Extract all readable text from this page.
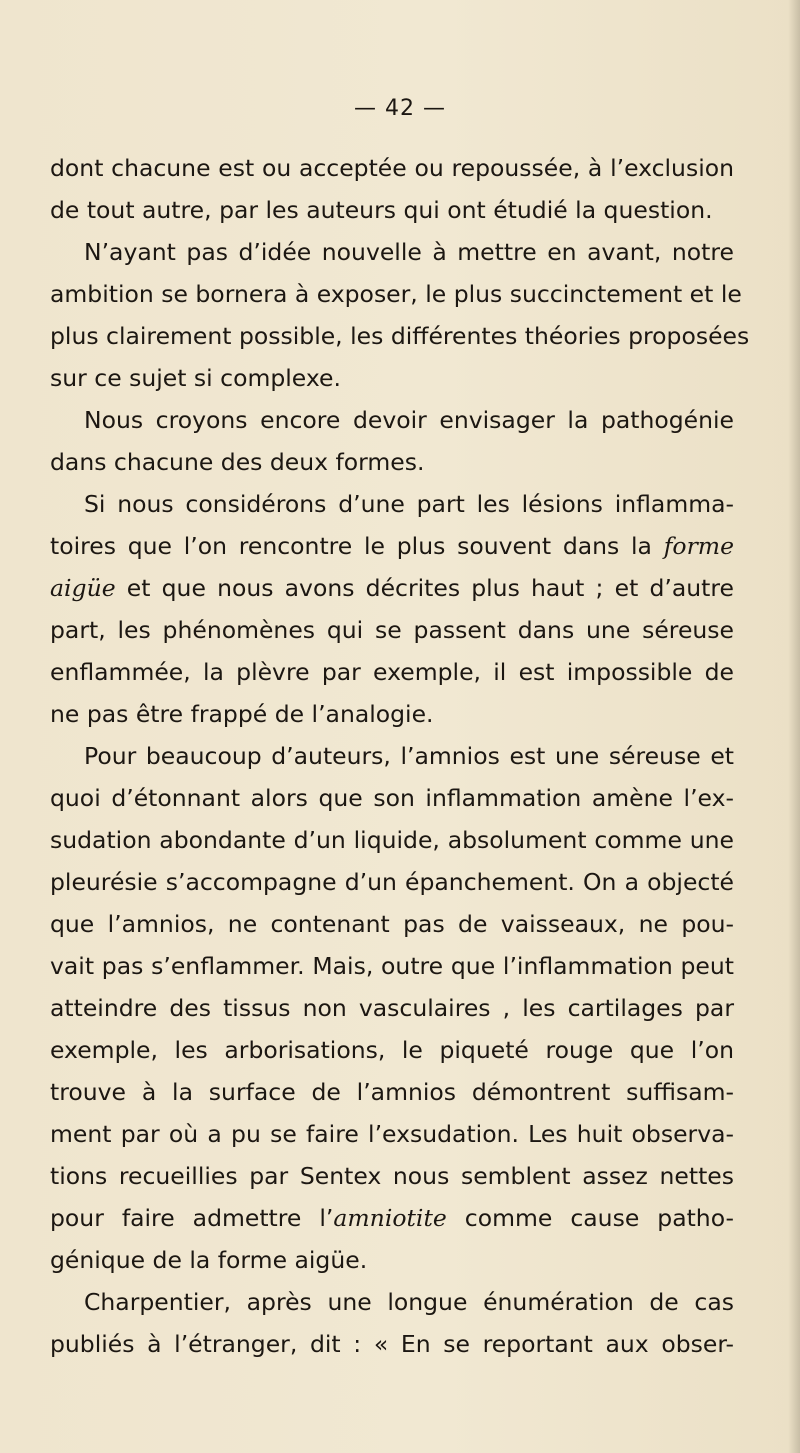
— 42 —
dont chacune est ou acceptée ou repoussée, à l’exclusion
de tout autre, par les auteurs qui ont étudié la question.
N’ayant pas d’idée nouvelle à mettre en avant, notre
ambition se bornera à exposer, le plus succinctement et le
plus clairement possible, les différentes théories proposées
sur ce sujet si complexe.
Nous croyons encore devoir envisager la pathogénie
dans chacune des deux formes.
Si nous considérons d’une part les lésions inflamma-
toires que l’on rencontre le plus souvent dans la forme
aigüe et que nous avons décrites plus haut ; et d’autre
part, les phénomènes qui se passent dans une séreuse
enflammée, la plèvre par exemple, il est impossible de
ne pas être frappé de l’analogie.
Pour beaucoup d’auteurs, l’amnios est une séreuse et
quoi d’étonnant alors que son inflammation amène l’ex-
sudation abondante d’un liquide, absolument comme une
pleurésie s’accompagne d’un épanchement. On a objecté
que l’amnios, ne contenant pas de vaisseaux, ne pou-
vait pas s’enflammer. Mais, outre que l’inflammation peut
atteindre des tissus non vasculaires , les cartilages par
exemple, les arborisations, le piqueté rouge que l’on
trouve à la surface de l’amnios démontrent suffisam-
ment par où a pu se faire l’exsudation. Les huit observa-
tions recueillies par Sentex nous semblent assez nettes
pour faire admettre l’amniotite comme cause patho-
génique de la forme aigüe.
Charpentier, après une longue énumération de cas
publiés à l’étranger, dit : « En se reportant aux obser-
